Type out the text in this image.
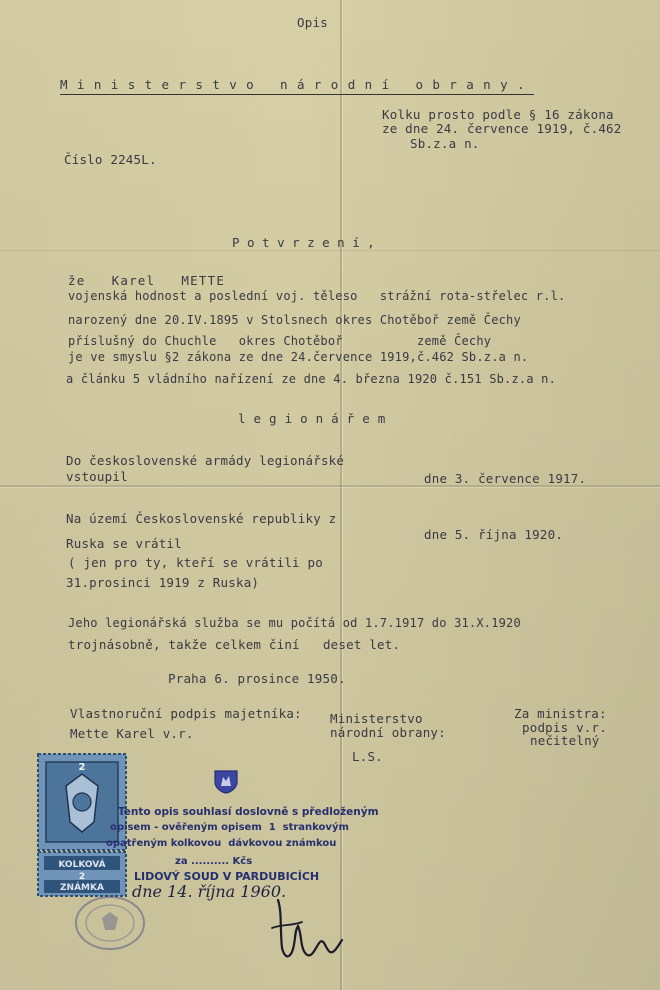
Opis
Ministerstvo národní obrany.
Kolku prosto podle § 16 zákona
ze dne 24. července 1919, č.462
Sb.z.a n.
Číslo 2245L.
Potvrzení,
že   Karel   METTE
vojenská hodnost a poslední voj. těleso   strážní rota-střelec r.l.
narozený dne 20.IV.1895 v Stolsnech okres Chotěboř země Čechy
příslušný do Chuchle   okres Chotěboř          země Čechy
je ve smyslu §2 zákona ze dne 24.července 1919,č.462 Sb.z.a n.
a článku 5 vládního nařízení ze dne 4. března 1920 č.151 Sb.z.a n.
legionářem
Do československé armády legionářské
vstoupil	dne 3. července 1917.
Na území Československé republiky z
Ruska se vrátil
( jen pro ty, kteří se vrátili po
31.prosinci 1919 z Ruska)
dne 5. října 1920.
Jeho legionářská služba se mu počítá od 1.7.1917 do 31.X.1920
trojnásobně, takže celkem činí   deset let.
Praha 6. prosince 1950.
Vlastnoruční podpis majetníka:
Mette Karel v.r.
Ministerstvo
národní obrany:
L.S.
Za ministra:
podpis v.r.
nečitelný
KOLKOVÁ
ZNÁMKA
2
2
Tento opis souhlasí doslovně s předloženým
opisem - ověřeným opisem  1  strankovým
opatřeným kolkovou  dávkovou známkou
za .......... Kčs
LIDOVÝ SOUD V PARDUBICÍCH
dne 14. října 1960.
